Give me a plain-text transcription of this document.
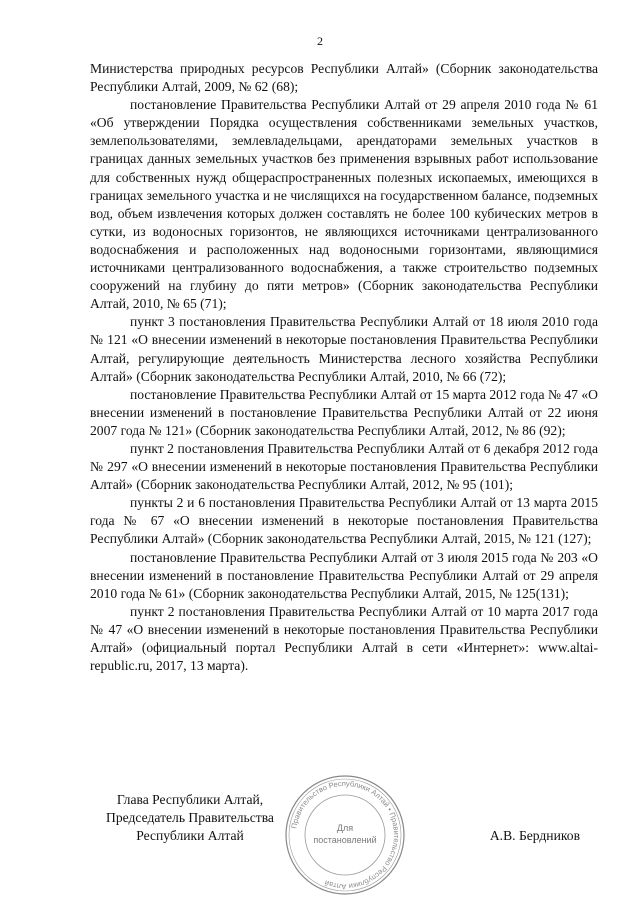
2

Министерства природных ресурсов Республики Алтай» (Сборник законодательства Республики Алтай, 2009, № 62 (68);

постановление Правительства Республики Алтай от 29 апреля 2010 года № 61 «Об утверждении Порядка осуществления собственниками земельных участков, землепользователями, землевладельцами, арендаторами земельных участков в границах данных земельных участков без применения взрывных работ использование для собственных нужд общераспространенных полезных ископаемых, имеющихся в границах земельного участка и не числящихся на государственном балансе, подземных вод, объем извлечения которых должен составлять не более 100 кубических метров в сутки, из водоносных горизонтов, не являющихся источниками централизованного водоснабжения и расположенных над водоносными горизонтами, являющимися источниками централизованного водоснабжения, а также строительство подземных сооружений на глубину до пяти метров» (Сборник законодательства Республики Алтай, 2010, № 65 (71);

пункт 3 постановления Правительства Республики Алтай от 18 июля 2010 года № 121 «О внесении изменений в некоторые постановления Правительства Республики Алтай, регулирующие деятельность Министерства лесного хозяйства Республики Алтай» (Сборник законодательства Республики Алтай, 2010, № 66 (72);

постановление Правительства Республики Алтай от 15 марта 2012 года № 47 «О внесении изменений в постановление Правительства Республики Алтай от 22 июня 2007 года № 121» (Сборник законодательства Республики Алтай, 2012, № 86 (92);

пункт 2 постановления Правительства Республики Алтай от 6 декабря 2012 года № 297 «О внесении изменений в некоторые постановления Правительства Республики Алтай» (Сборник законодательства Республики Алтай, 2012, № 95 (101);

пункты 2 и 6 постановления Правительства Республики Алтай от 13 марта 2015 года № 67 «О внесении изменений в некоторые постановления Правительства Республики Алтай» (Сборник законодательства Республики Алтай, 2015, № 121 (127);

постановление Правительства Республики Алтай от 3 июля 2015 года № 203 «О внесении изменений в постановление Правительства Республики Алтай от 29 апреля 2010 года № 61» (Сборник законодательства Республики Алтай, 2015, № 125(131);

пункт 2 постановления Правительства Республики Алтай от 10 марта 2017 года № 47 «О внесении изменений в некоторые постановления Правительства Республики Алтай» (официальный портал Республики Алтай в сети «Интернет»: www.altai-republic.ru, 2017, 13 марта).

Глава Республики Алтай,
Председатель Правительства
Республики Алтай
Правительство Республики Алтай • Правительство Республики Алтай
Для
постановлений	А.В. Бердников
